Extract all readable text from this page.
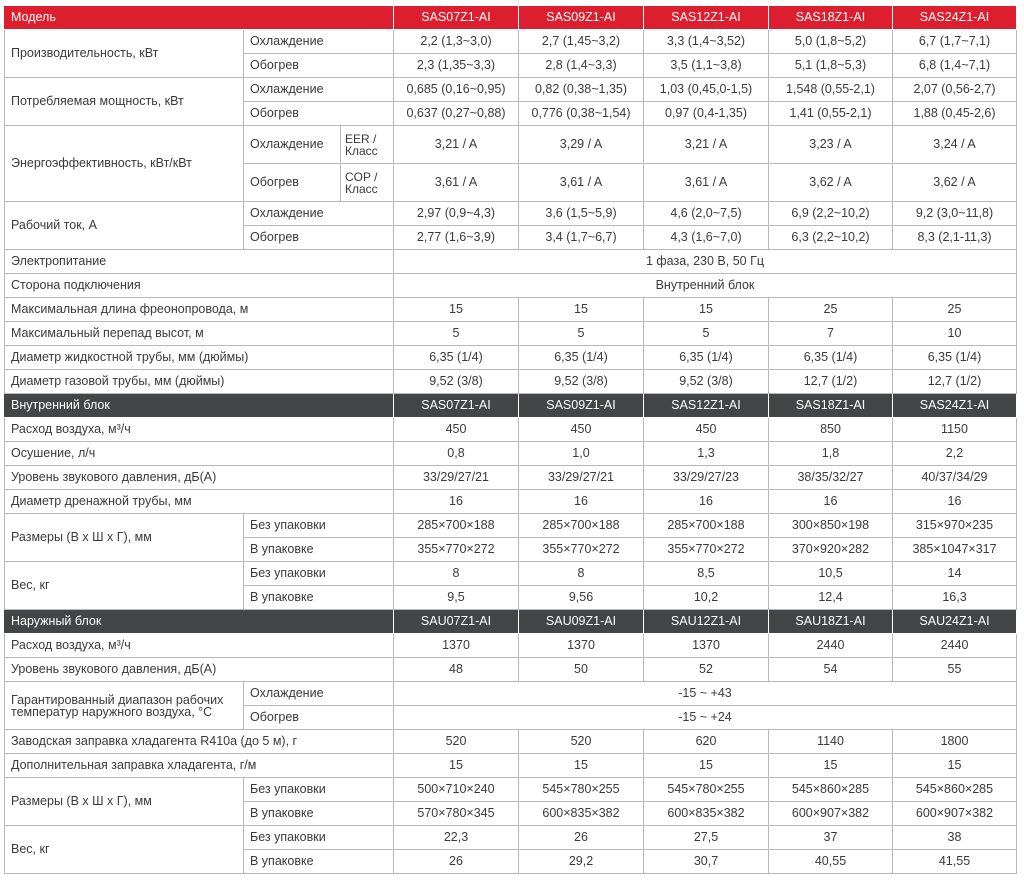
Модель			SAS07Z1-AI	SAS09Z1-AI	SAS12Z1-AI	SAS18Z1-AI	SAS24Z1-AI
Производительность, кВт	Охлаждение		2,2 (1,3~3,0)	2,7 (1,45~3,2)	3,3 (1,4~3,52)	5,0 (1,8~5,2)	6,7 (1,7~7,1)
	Обогрев		2,3 (1,35~3,3)	2,8 (1,4~3,3)	3,5 (1,1~3,8)	5,1 (1,8~5,3)	6,8 (1,4~7,1)
Потребляемая мощность, кВт	Охлаждение		0,685 (0,16~0,95)	0,82 (0,38~1,35)	1,03 (0,45,0-1,5)	1,548 (0,55-2,1)	2,07 (0,56-2,7)
	Обогрев		0,637 (0,27~0,88)	0,776 (0,38~1,54)	0,97 (0,4-1,35)	1,41 (0,55-2,1)	1,88 (0,45-2,6)
Энергоэффективность, кВт/кВт	Охлаждение	EER / Класс	3,21 / A	3,29 / A	3,21 / A	3,23 / A	3,24 / A
	Обогрев	COP / Класс	3,61 / A	3,61 / A	3,61 / A	3,62 / A	3,62 / A
Рабочий ток, А	Охлаждение		2,97 (0,9~4,3)	3,6 (1,5~5,9)	4,6 (2,0~7,5)	6,9 (2,2~10,2)	9,2 (3,0~11,8)
	Обогрев		2,77 (1,6~3,9)	3,4 (1,7~6,7)	4,3 (1,6~7,0)	6,3 (2,2~10,2)	8,3 (2,1-11,3)
Электропитание			1 фаза, 230 В, 50 Гц				
Сторона подключения			Внутренний блок				
Максимальная длина фреонопровода, м			15	15	15	25	25
Максимальный перепад высот, м			5	5	5	7	10
Диаметр жидкостной трубы, мм (дюймы)			6,35 (1/4)	6,35 (1/4)	6,35 (1/4)	6,35 (1/4)	6,35 (1/4)
Диаметр газовой трубы, мм (дюймы)			9,52 (3/8)	9,52 (3/8)	9,52 (3/8)	12,7 (1/2)	12,7 (1/2)
Внутренний блок			SAS07Z1-AI	SAS09Z1-AI	SAS12Z1-AI	SAS18Z1-AI	SAS24Z1-AI
Расход воздуха, м³/ч			450	450	450	850	1150
Осушение, л/ч			0,8	1,0	1,3	1,8	2,2
Уровень звукового давления, дБ(А)			33/29/27/21	33/29/27/21	33/29/27/23	38/35/32/27	40/37/34/29
Диаметр дренажной трубы, мм			16	16	16	16	16
Размеры (В x Ш x Г), мм	Без упаковки		285×700×188	285×700×188	285×700×188	300×850×198	315×970×235
	В упаковке		355×770×272	355×770×272	355×770×272	370×920×282	385×1047×317
Вес, кг	Без упаковки		8	8	8,5	10,5	14
	В упаковке		9,5	9,56	10,2	12,4	16,3
Наружный блок			SAU07Z1-AI	SAU09Z1-AI	SAU12Z1-AI	SAU18Z1-AI	SAU24Z1-AI
Расход воздуха, м³/ч			1370	1370	1370	2440	2440
Уровень звукового давления, дБ(А)			48	50	52	54	55
Гарантированный диапазон рабочих температур наружного воздуха, °С	Охлаждение		-15 ~ +43				
	Обогрев		-15 ~ +24				
Заводская заправка хладагента R410a (до 5 м), г			520	520	620	1140	1800
Дополнительная заправка хладагента, г/м			15	15	15	15	15
Размеры (В x Ш x Г), мм	Без упаковки		500×710×240	545×780×255	545×780×255	545×860×285	545×860×285
	В упаковке		570×780×345	600×835×382	600×835×382	600×907×382	600×907×382
Вес, кг	Без упаковки		22,3	26	27,5	37	38
	В упаковке		26	29,2	30,7	40,55	41,55
